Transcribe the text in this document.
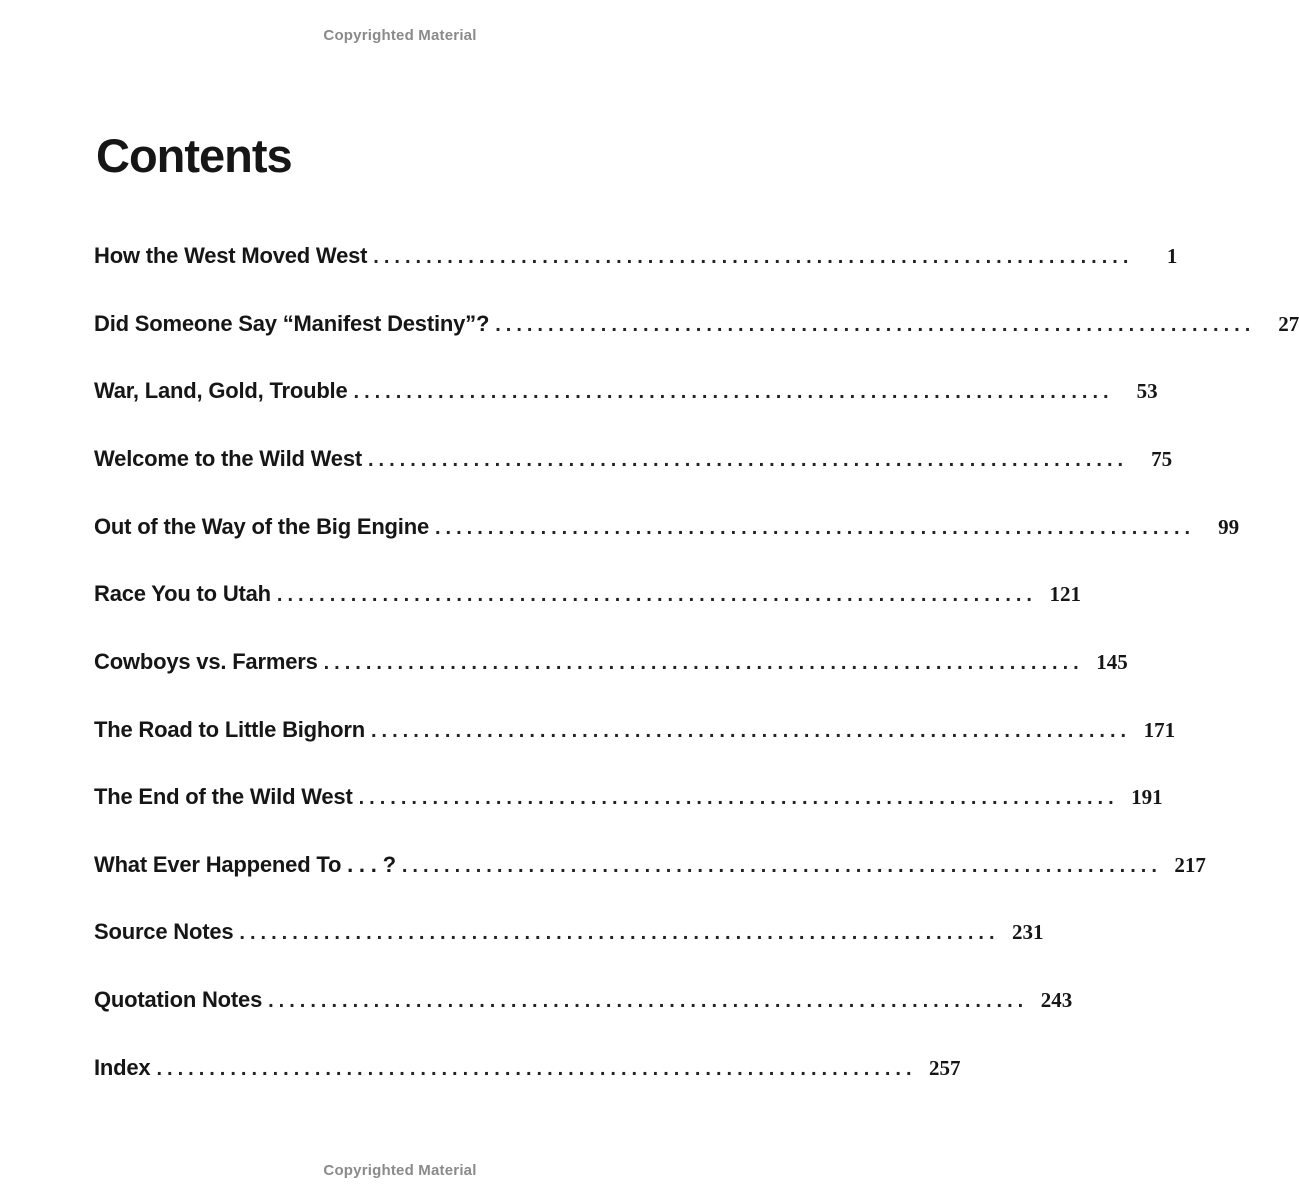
Copyrighted Material
Contents
How the West Moved West ........................................................................	1
Did Someone Say “Manifest Destiny”? ........................................................................	27
War, Land, Gold, Trouble ........................................................................	53
Welcome to the Wild West ........................................................................	75
Out of the Way of the Big Engine ........................................................................	99
Race You to Utah ........................................................................ 121
Cowboys vs. Farmers ........................................................................ 145
The Road to Little Bighorn ........................................................................ 171
The End of the Wild West ........................................................................ 191
What Ever Happened To . . . ? ........................................................................ 217
Source Notes ........................................................................ 231
Quotation Notes ........................................................................ 243
Index ........................................................................ 257
Copyrighted Material
